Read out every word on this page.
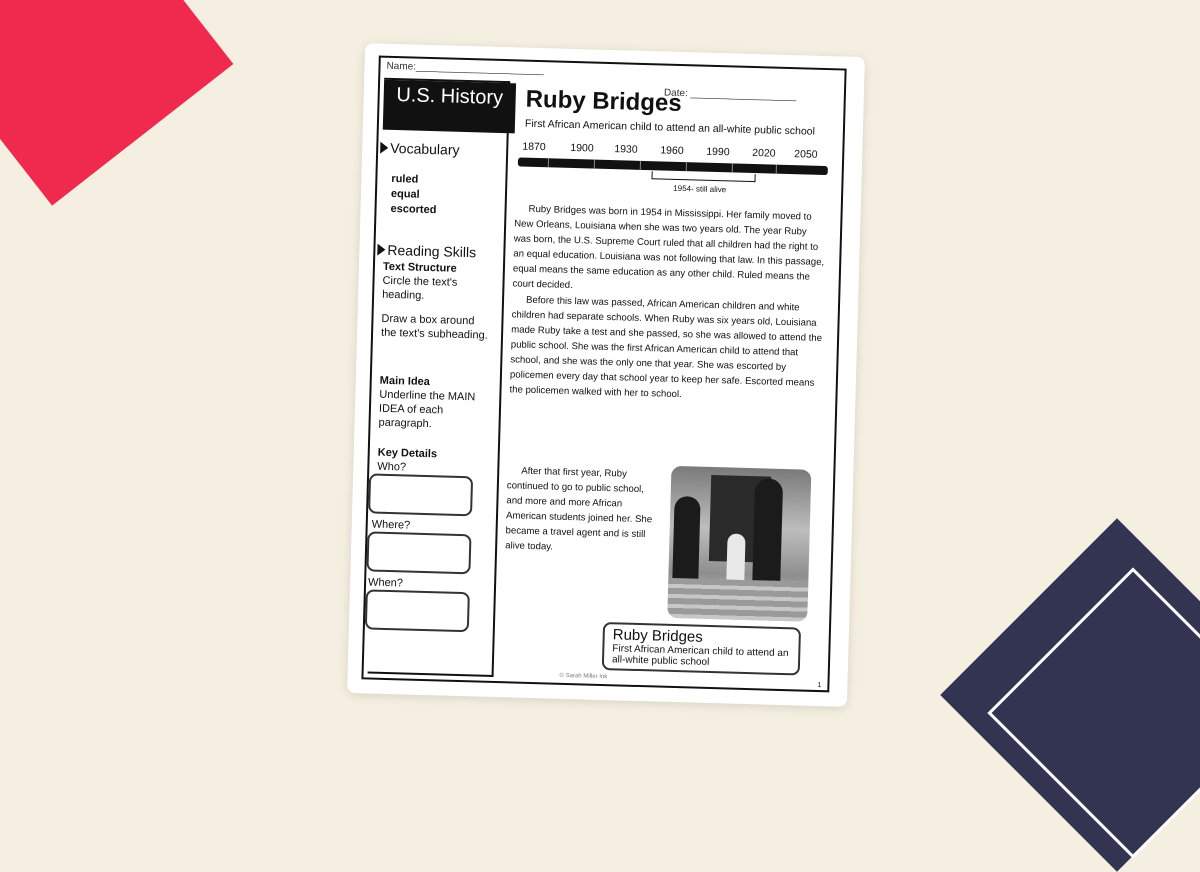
Name:_______________________
Date: ___________________
U.S. History
Vocabulary
ruled
equal
escorted
Reading Skills
Text Structure
Circle the text's heading.
Draw a box around the text's subheading.
Main Idea
Underline the MAIN IDEA of each paragraph.
Key Details
Who?
Where?
When?
Ruby Bridges
First African American child to attend an all-white public school
1870 1900 1930 1960 1990 2020 2050
1954- still alive

Ruby Bridges was born in 1954 in Mississippi. Her family moved to New Orleans, Louisiana when she was two years old. The year Ruby was born, the U.S. Supreme Court ruled that all children had the right to an equal education. Louisiana was not following that law. In this passage, equal means the same education as any other child. Ruled means the court decided.

Before this law was passed, African American children and white children had separate schools. When Ruby was six years old, Louisiana made Ruby take a test and she passed, so she was allowed to attend the public school. She was the first African American child to attend that school, and she was the only one that year. She was escorted by policemen every day that school year to keep her safe. Escorted means the policemen walked with her to school.

After that first year, Ruby continued to go to public school, and more and more African American students joined her. She became a travel agent and is still alive today.

Ruby Bridges
First African American child to attend an all-white public school
© Sarah Miller Ink
1
